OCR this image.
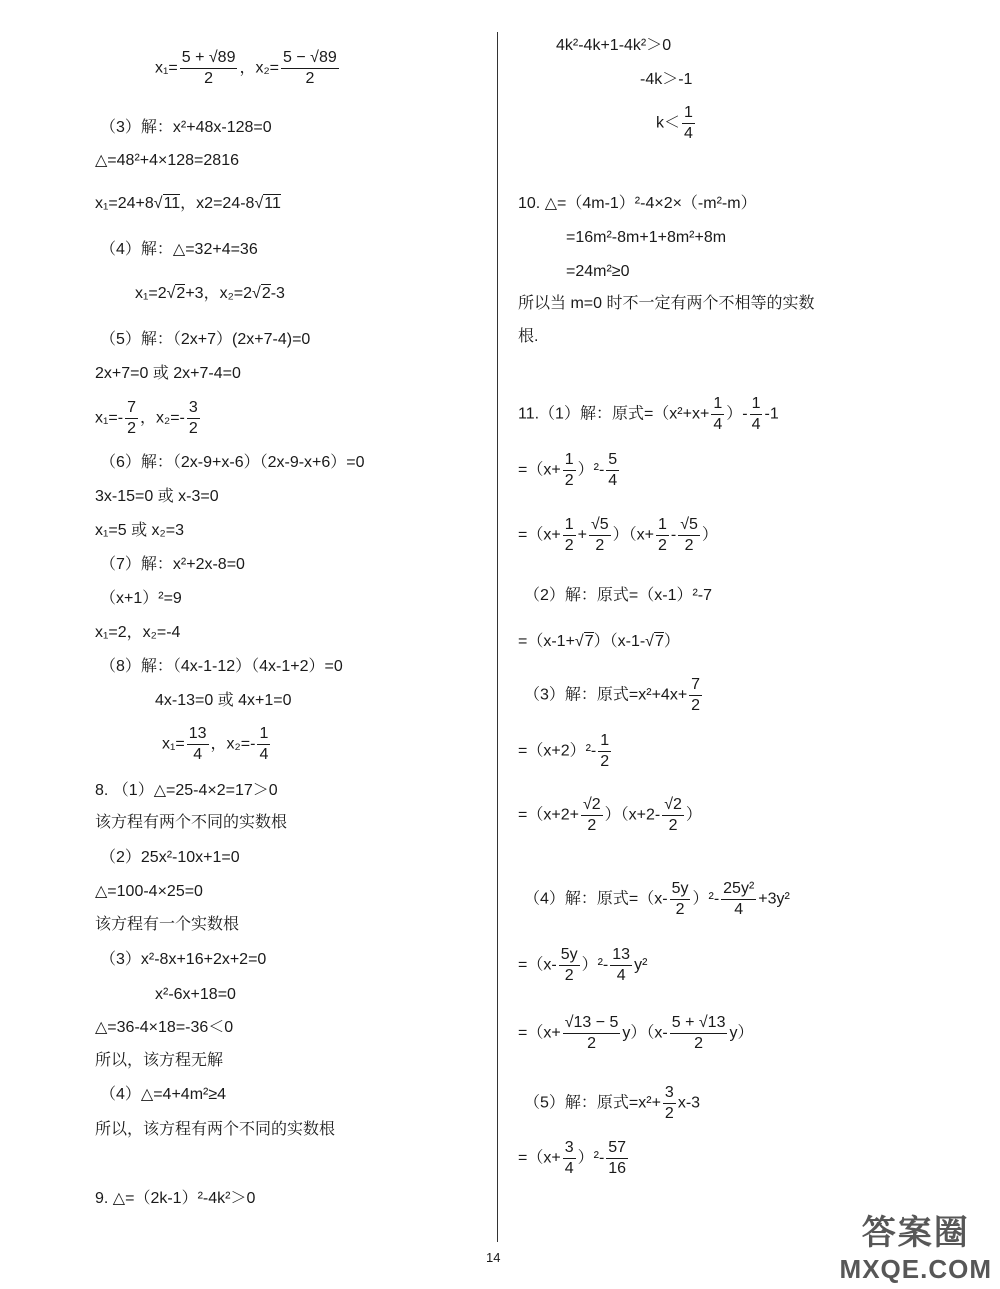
$x_1= \frac{5 + √89}{2}$ ，$x_2= \frac{5 - √89}{2}$
（3）解：x²+48x-128=0
△=48²+4×128=2816
x₁=24+8√11，x2=24-8√11
（4）解：△=32+4=36
x₁=2√2+3，x₂=2√2-3
（5）解：（2x+7）(2x+7-4)=0
2x+7=0 或 2x+7-4=0
$x_1=- \frac{7}{2}$ ，$x_2=- \frac{3}{2}$
（6）解：（2x-9+x-6）（2x-9-x+6）=0
3x-15=0 或 x-3=0
x₁=5 或 x₂=3
（7）解：x²+2x-8=0
（x+1）²=9
x₁=2，x₂=-4
（8）解：（4x-1-12）（4x-1+2）=0
4x-13=0 或 4x+1=0
$x_1= \frac{13}{4}$ ，$x_2=- \frac{1}{4}$
8. （1）△=25-4×2=17＞0
该方程有两个不同的实数根
（2）25x²-10x+1=0
△=100-4×25=0
该方程有一个实数根
（3）x²-8x+16+2x+2=0
x²-6x+18=0
△=36-4×18=-36＜0
所以，该方程无解
（4）△=4+4m²≥4
所以，该方程有两个不同的实数根
9. △=（2k-1）²-4k²＞0
4k²-4k+1-4k²＞0
-4k＞-1
$k< \frac{1}{4}$
10. △=（4m-1）²-4×2×（-m²-m）
=16m²-8m+1+8m²+8m
=24m²≥0
所以当 m=0 时不一定有两个不相等的实数
根.
11.（1）解：原式$=(x^2+x+ \frac{1}{4}$ ）- $\frac{1}{4} -1$
$=(x+ \frac{1}{2} )^2- \frac{5}{4}$
$=(x+ \frac{1}{2} + \frac{√5}{2} )(x+ \frac{1}{2} - \frac{√5}{2}$ ）
（2）解：原式=（x-1）²-7
=（x-1+√7）（x-1-√7）
（3）解：原式$=x^2+4x+ \frac{7}{2}$
$=(x+2)^2- \frac{1}{2}$
$=(x+2+ \frac{√2}{2} )(x+2- \frac{√2}{2}$ ）
（4）解：原式$=(x- \frac{5y}{2} )^2- \frac{\text{25y²}}{4} +3y^2$
$=(x- \frac{5y}{2} )^2- \frac{13}{4} y^2$
$=(x+ \frac{√13 - 5}{2} y)(x- \frac{5 + √13}{2} y)$
（5）解：原式$=x^2+ \frac{3}{2} x-3$
$=(x+ \frac{3}{4} )^2- \frac{57}{16}$
14
答案圈
MXQE.COM
